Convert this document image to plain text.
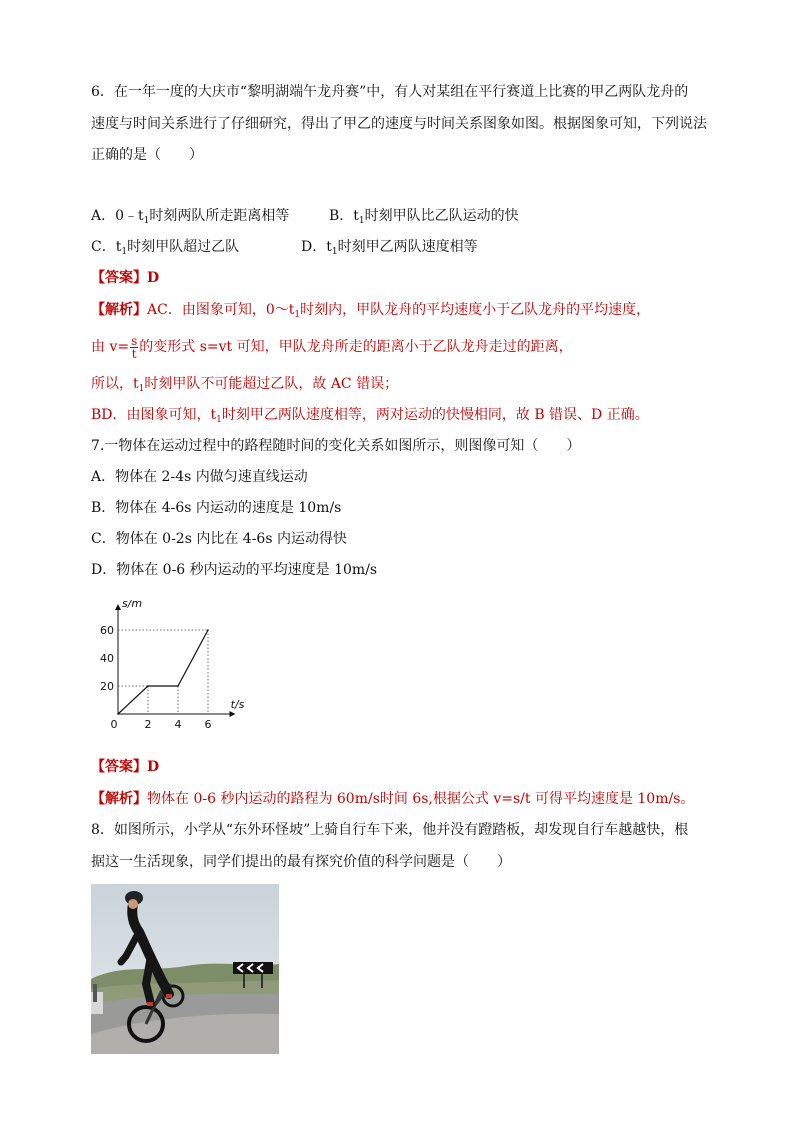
6．在一年一度的大庆市“黎明湖端午龙舟赛”中，有人对某组在平行赛道上比赛的甲乙两队龙舟的
速度与时间关系进行了仔细研究，得出了甲乙的速度与时间关系图象如图。根据图象可知，下列说法
正确的是（　　）
A．$0﹣t_1$时刻两队所走距离相等	B．$t_1$时刻甲队比乙队运动的快
C．$t_1$时刻甲队超过乙队	D．$t_1$时刻甲乙两队速度相等
【答案】D
【解析】AC．由图象可知，$0\sim t_1$时刻内，甲队龙舟的平均速度小于乙队龙舟的平均速度，
由 $v= \frac{s}{t}$ 的变形式 s=vt 可知，甲队龙舟所走的距离小于乙队龙舟走过的距离，
所以，$t_1$时刻甲队不可能超过乙队，故 AC 错误；
BD．由图象可知，$t_1$时刻甲乙两队速度相等，两对运动的快慢相同，故 B 错误、D 正确。
7.一物体在运动过程中的路程随时间的变化关系如图所示，则图像可知（　　）
A．物体在 2-4s 内做匀速直线运动
B．物体在 4-6s 内运动的速度是 10m/s
C．物体在 0-2s 内比在 4-6s 内运动得快
D．物体在 0-6 秒内运动的平均速度是 10m/s
0 2 4 6
20
40
60
t/s
s/m
【答案】D
【解析】物体在 0-6 秒内运动的路程为 60m/s时间 6s,根据公式 v=s/t 可得平均速度是 10m/s。
8．如图所示，小学从“东外环怪坡”上骑自行车下来，他并没有蹬踏板，却发现自行车越越快，根
据这一生活现象，同学们提出的最有探究价值的科学问题是（　　）
